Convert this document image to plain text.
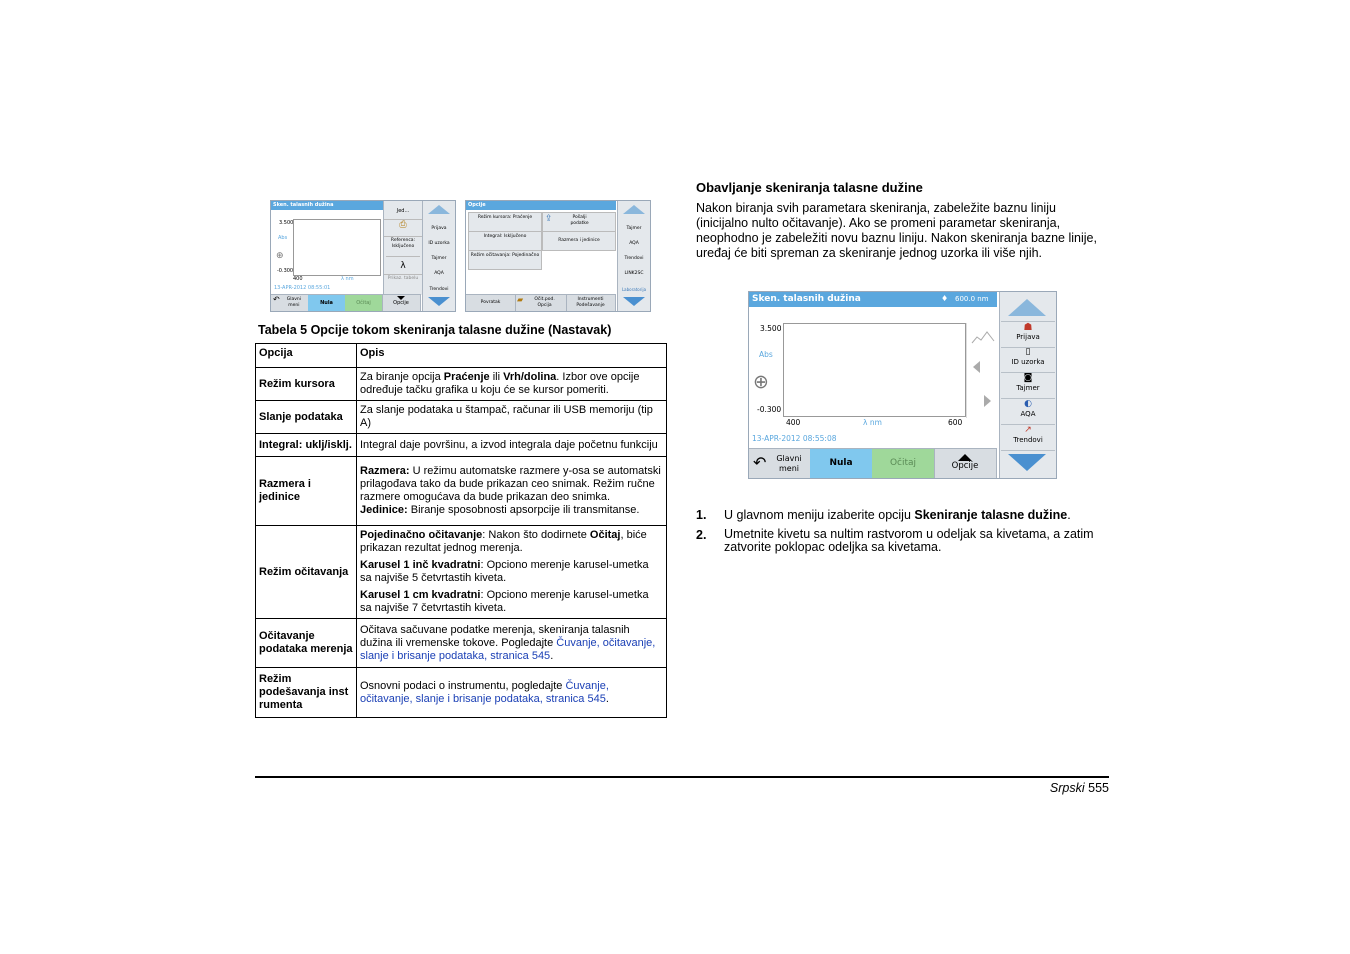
Sken. talasnih dužina
3.500
Abs
⊕
-0.300
400	λ nm
13-APR-2012 08:55:01
Jed...
⎙
Referenca: Isključeno
λ
Prikaz. tabelu
Prijava
ID uzorka
Tajmer
AQA
Trendovi
↶ Glavni meni	Nula	Očitaj	Opcije
Opcije
Režim kursora: Praćenje	⇪	Pošalji podatke
Integral: Isključeno
Razmera i jedinice
Režim očitavanja: Pojedinačno
Tajmer
AQA
Trendovi
LINK2SC
Laboratorija
Povratak	▰ Očit.pod. Opcija
Instrumenti Podešavanje
Tabela 5 Opcije tokom skeniranja talasne dužine (Nastavak)
Opcija	Opis
Režim kursora	Za biranje opcija Praćenje ili Vrh/dolina. Izbor ove opcije određuje tačku grafika u koju će se kursor pomeriti.
Slanje podataka	Za slanje podataka u štampač, računar ili USB memoriju (tip A)
Integral: uklj/isklj.	Integral daje površinu, a izvod integrala daje početnu funkciju
Razmera i jedinice	Razmera: U režimu automatske razmere y-osa se automatski prilagođava tako da bude prikazan ceo snimak. Režim ručne razmere omogućava da bude prikazan deo snimka.
Jedinice: Biranje sposobnosti apsorpcije ili transmitanse.
Režim očitavanja	Pojedinačno očitavanje: Nakon što dodirnete Očitaj, biće prikazan rezultat jednog merenja.

Karusel 1 inč kvadratni: Opciono merenje karusel-umetka sa najviše 5 četvrtastih kiveta.

Karusel 1 cm kvadratni: Opciono merenje karusel-umetka sa najviše 7 četvrtastih kiveta.

Očitavanje podataka merenja	Očitava sačuvane podatke merenja, skeniranja talasnih dužina ili vremenske tokove. Pogledajte Čuvanje, očitavanje, slanje i brisanje podataka, stranica 545.
Režim podešavanja inst rumenta	Osnovni podaci o instrumentu, pogledajte Čuvanje, očitavanje, slanje i brisanje podataka, stranica 545.
Obavljanje skeniranja talasne dužine
Nakon biranja svih parametara skeniranja, zabeležite baznu liniju (inicijalno nulto očitavanje). Ako se promeni parametar skeniranja, neophodno je zabeležiti novu baznu liniju. Nakon skeniranja bazne linije, uređaj će biti spreman za skeniranje jednog uzorka ili više njih.
Sken. talasnih dužina	♦ 600.0 nm
3.500
Abs
⊕
-0.300
400	λ nm	600
13-APR-2012 08:55:08
☗
Prijava
▯
ID uzorka
◙
Tajmer
◐
AQA
↗
Trendovi
↶	Glavni meni
Nula	Očitaj	Opcije
1. U glavnom meniju izaberite opciju Skeniranje talasne dužine.
2. Umetnite kivetu sa nultim rastvorom u odeljak sa kivetama, a zatim zatvorite poklopac odeljka sa kivetama.
Srpski 555
